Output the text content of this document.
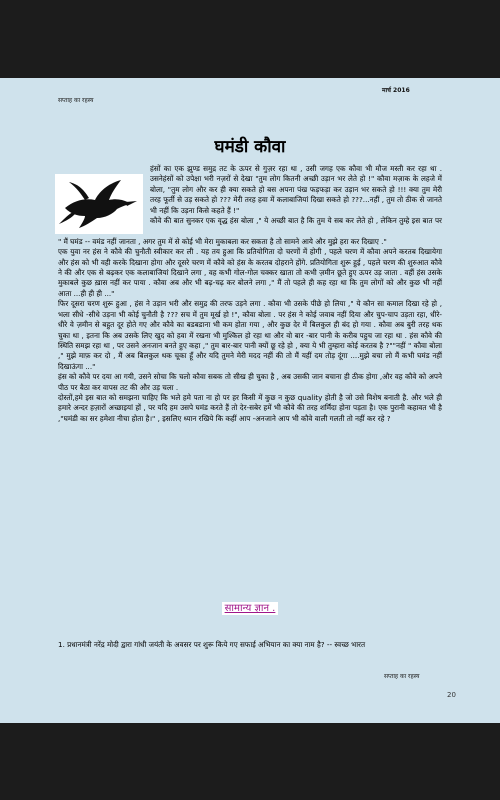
सप्ताह का रहस्य
मार्च 2016
घमंडी कौवा

हंसों का एक झुण्ड समुद्र तट के ऊपर से गुज़र रहा था , उसी जगह एक कौवा भी मौज मस्ती कर रहा था . उसनेहंसों को उपेक्षा भरी नज़रों से देखा "तुम लोग कितनी अच्छी उड़ान भर लेते हो !" कौवा मज़ाक के लहजे में बोला, "तुम लोग और कर ही क्या सकते हो बस अपना पंख फड़फड़ा कर उड़ान भर सकते हो !!! क्या तुम मेरी तरह फूर्ती से उड़ सकते हो ??? मेरी तरह हवा में कलाबाजियां दिखा सकते हो ???...नहीं , तुम तो ठीक से जानते भी नहीं कि उड़ना किसे कहते हैं !"

कौवे की बात सुनकर एक वृद्ध हंस बोला ," ये अच्छी बात है कि तुम ये सब कर लेते हो , लेकिन तुम्हे इस बात पर

" मैं घमंड -- वमंड नहीं जानता , अगर तुम में से कोई भी मेरा मुकाबला कर सकता है तो सामने आये और मुझे हरा कर दिखाए ."

एक युवा नर हंस ने कौवे की चुनौती स्वीकार कर ली . यह तय हुआ कि प्रतियोगिता दो चरणों में होगी , पहले चरण में कौवा अपने करतब दिखायेगा और हंस को भी वही करके दिखाना होगा और दूसरे चरण में कौवे को हंस के करतब दोहराने होंगे. प्रतियोगिता शुरू हुई , पहले चरण की शुरुआत कौवे ने की और एक से बढ़कर एक कलाबाजियां दिखाने लगा , वह कभी गोल-गोल चक्कर खाता तो कभी ज़मीन छूते हुए ऊपर उड़ जाता . वहीं हंस उसके मुकाबले कुछ ख़ास नहीं कर पाया . कौवा अब और भी बढ़-चढ़ कर बोलने लगा ," मैं तो पहले ही कह रहा था कि तुम लोगों को और कुछ भी नहीं आता ...ही ही ही ..."

फिर दूसरा चरण शुरू हुआ , हंस ने उड़ान भरी और समुद्र की तरफ उड़ने लगा . कौवा भी उसके पीछे हो लिया ," ये कौन सा कमाल दिखा रहे हो , भला सीधे -सीधे उड़ना भी कोई चुनौती है ??? सच में तुम मूर्ख हो !", कौवा बोला . पर हंस ने कोई जवाब नहीं दिया और चुप-चाप उड़ता रहा, धीरे-धीरे वे ज़मीन से बहुत दूर होते गए और कौवे का बडबडाना भी कम होता गया , और कुछ देर में बिलकुल ही बंद हो गया . कौवा अब बुरी तरह थक चुका था , इतना कि अब उसके लिए खुद को हवा में रखना भी मुश्किल हो रहा था और वो बार -बार पानी के करीब पहुच जा रहा था . हंस कौवे की स्थिति समझ रहा था , पर उसने अनजान बनते हुए कहा ," तुम बार-बार पानी क्यों छू रहे हो , क्या ये भी तुम्हारा कोई करतब है ?""नहीं " कौवा बोला ," मुझे माफ़ कर दो , मैं अब बिलकुल थक चूका हूँ और यदि तुमने मेरी मदद नहीं की तो मैं यहीं दम तोड़ दूंगा ....मुझे बचा लो मैं कभी घमंड नहीं दिखाऊंगा ..."

हंस को कौवे पर दया आ गयी, उसने सोचा कि चलो कौवा सबक तो सीख ही चुका है , अब उसकी जान बचाना ही ठीक होगा ,और वह कौवे को अपने पीठ पर बैठा कर वापस तट की और उड़ चला .

दोस्तों,हमे इस बात को समझना चाहिए कि भले हमे पता ना हो पर हर किसी में कुछ न कुछ quality होती है जो उसे विशेष बनाती है. और भले ही हमारे अन्दर हज़ारों अच्छाइयां हों , पर यदि हम उसपे घमंड करते हैं तो देर-सबेर हमें भी कौवे की तरह शर्मिंदा होना पड़ता है। एक पुरानी कहावत भी है ,"घमंडी का सर हमेशा नीचा होता है।" , इसलिए ध्यान रखिये कि कहीं आप -अनजाने आप भी कौवे वाली गलती तो नहीं कर रहे ?

सामान्य ज्ञान .
1. प्रधानमंत्री नरेंद्र मोदी द्वारा गांधी जयंती के अवसर पर शुरू किये गए सफाई अभियान का क्या नाम है? -- स्वच्छ भारत
सप्ताह का रहस्य
20
